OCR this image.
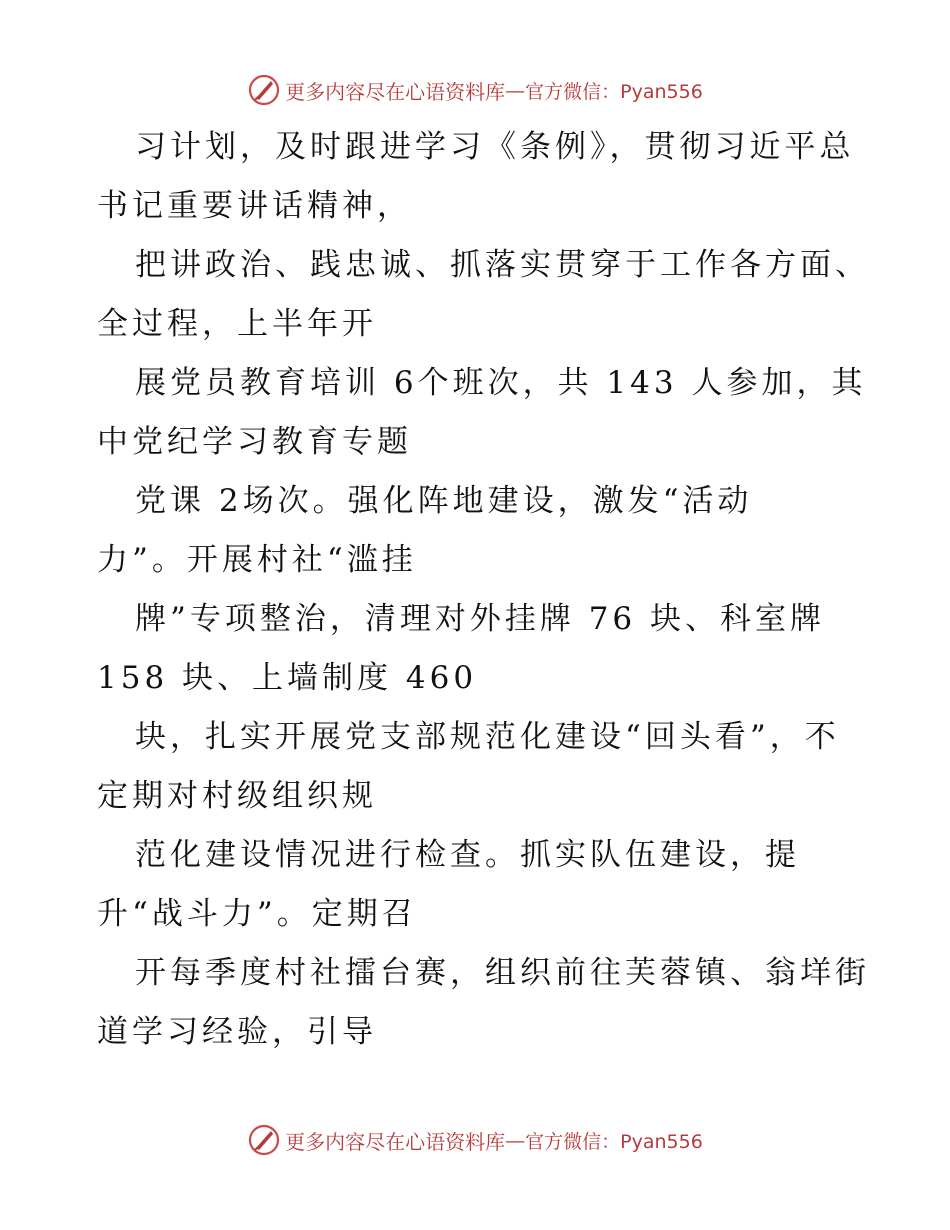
更多内容尽在心语资料库 — 官方微信：Pyan556
习计划，及时跟进学习《条例》，贯彻习近平总
书记重要讲话精神，
把讲政治、践忠诚、抓落实贯穿于工作各方面、
全过程，上半年开
展党员教育培训 6个班次，共 143 人参加，其
中党纪学习教育专题
党课 2场次。强化阵地建设，激发“活动
力”。开展村社“滥挂
牌”专项整治，清理对外挂牌 76 块、科室牌
158 块、上墙制度 460
块，扎实开展党支部规范化建设“回头看”，不
定期对村级组织规
范化建设情况进行检查。抓实队伍建设，提
升“战斗力”。定期召
开每季度村社擂台赛，组织前往芙蓉镇、翁垟街
道学习经验，引导
更多内容尽在心语资料库 — 官方微信：Pyan556
